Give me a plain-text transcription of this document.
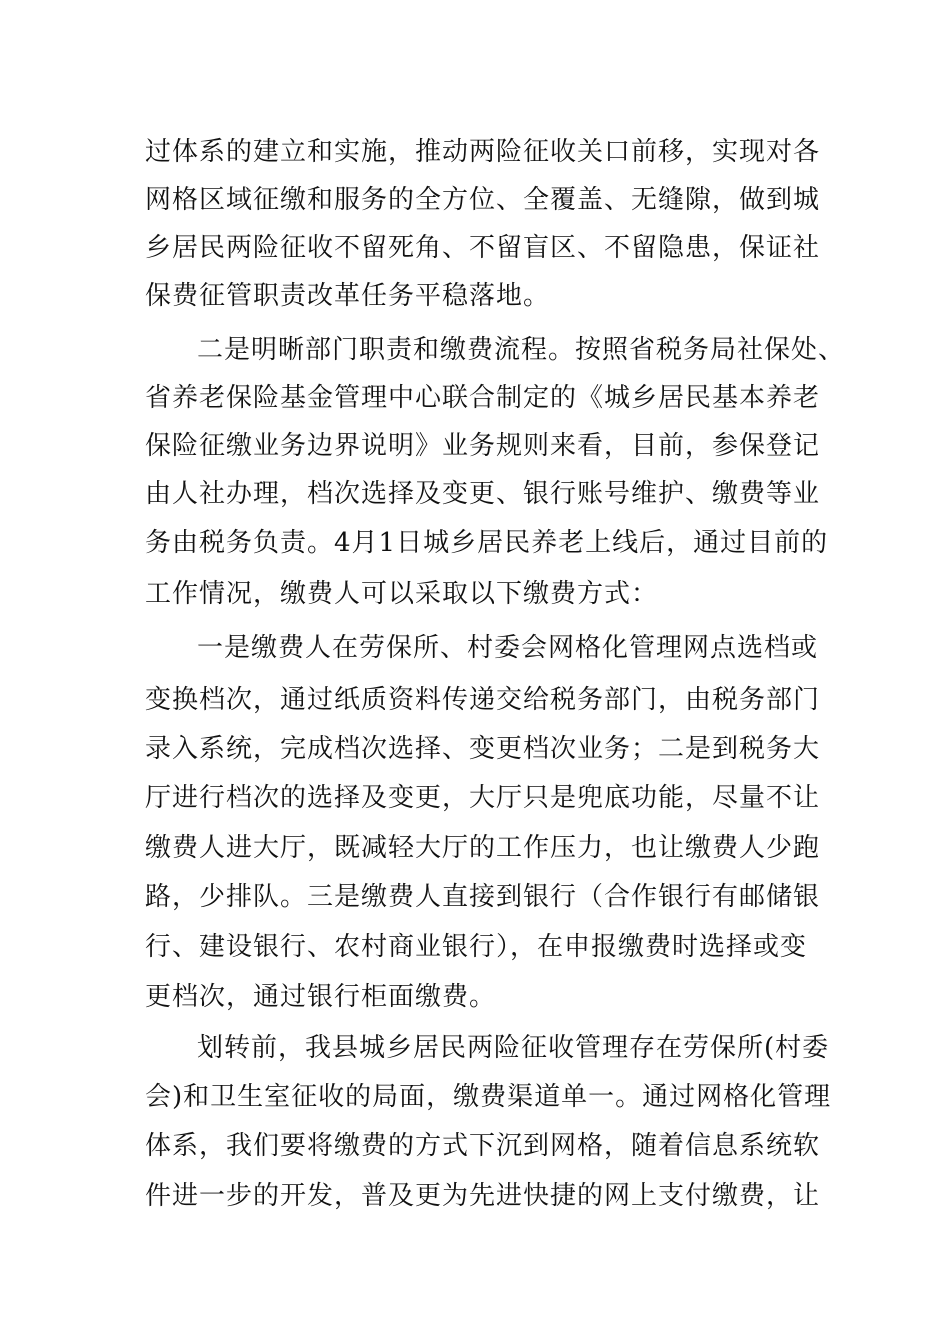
过体系的建立和实施，推动两险征收关口前移，实现对各
网格区域征缴和服务的全方位、全覆盖、无缝隙，做到城
乡居民两险征收不留死角、不留盲区、不留隐患，保证社
保费征管职责改革任务平稳落地。
二是明晰部门职责和缴费流程。按照省税务局社保处、
省养老保险基金管理中心联合制定的《城乡居民基本养老
保险征缴业务边界说明》业务规则来看，目前，参保登记
由人社办理，档次选择及变更、银行账号维护、缴费等业
务由税务负责。4月1日城乡居民养老上线后，通过目前的
工作情况，缴费人可以采取以下缴费方式：
一是缴费人在劳保所、村委会网格化管理网点选档或
变换档次，通过纸质资料传递交给税务部门，由税务部门
录入系统，完成档次选择、变更档次业务；二是到税务大
厅进行档次的选择及变更，大厅只是兜底功能，尽量不让
缴费人进大厅，既减轻大厅的工作压力，也让缴费人少跑
路，少排队。三是缴费人直接到银行（合作银行有邮储银
行、建设银行、农村商业银行），在申报缴费时选择或变
更档次，通过银行柜面缴费。
划转前，我县城乡居民两险征收管理存在劳保所(村委
会)和卫生室征收的局面，缴费渠道单一。通过网格化管理
体系，我们要将缴费的方式下沉到网格，随着信息系统软
件进一步的开发，普及更为先进快捷的网上支付缴费，让
